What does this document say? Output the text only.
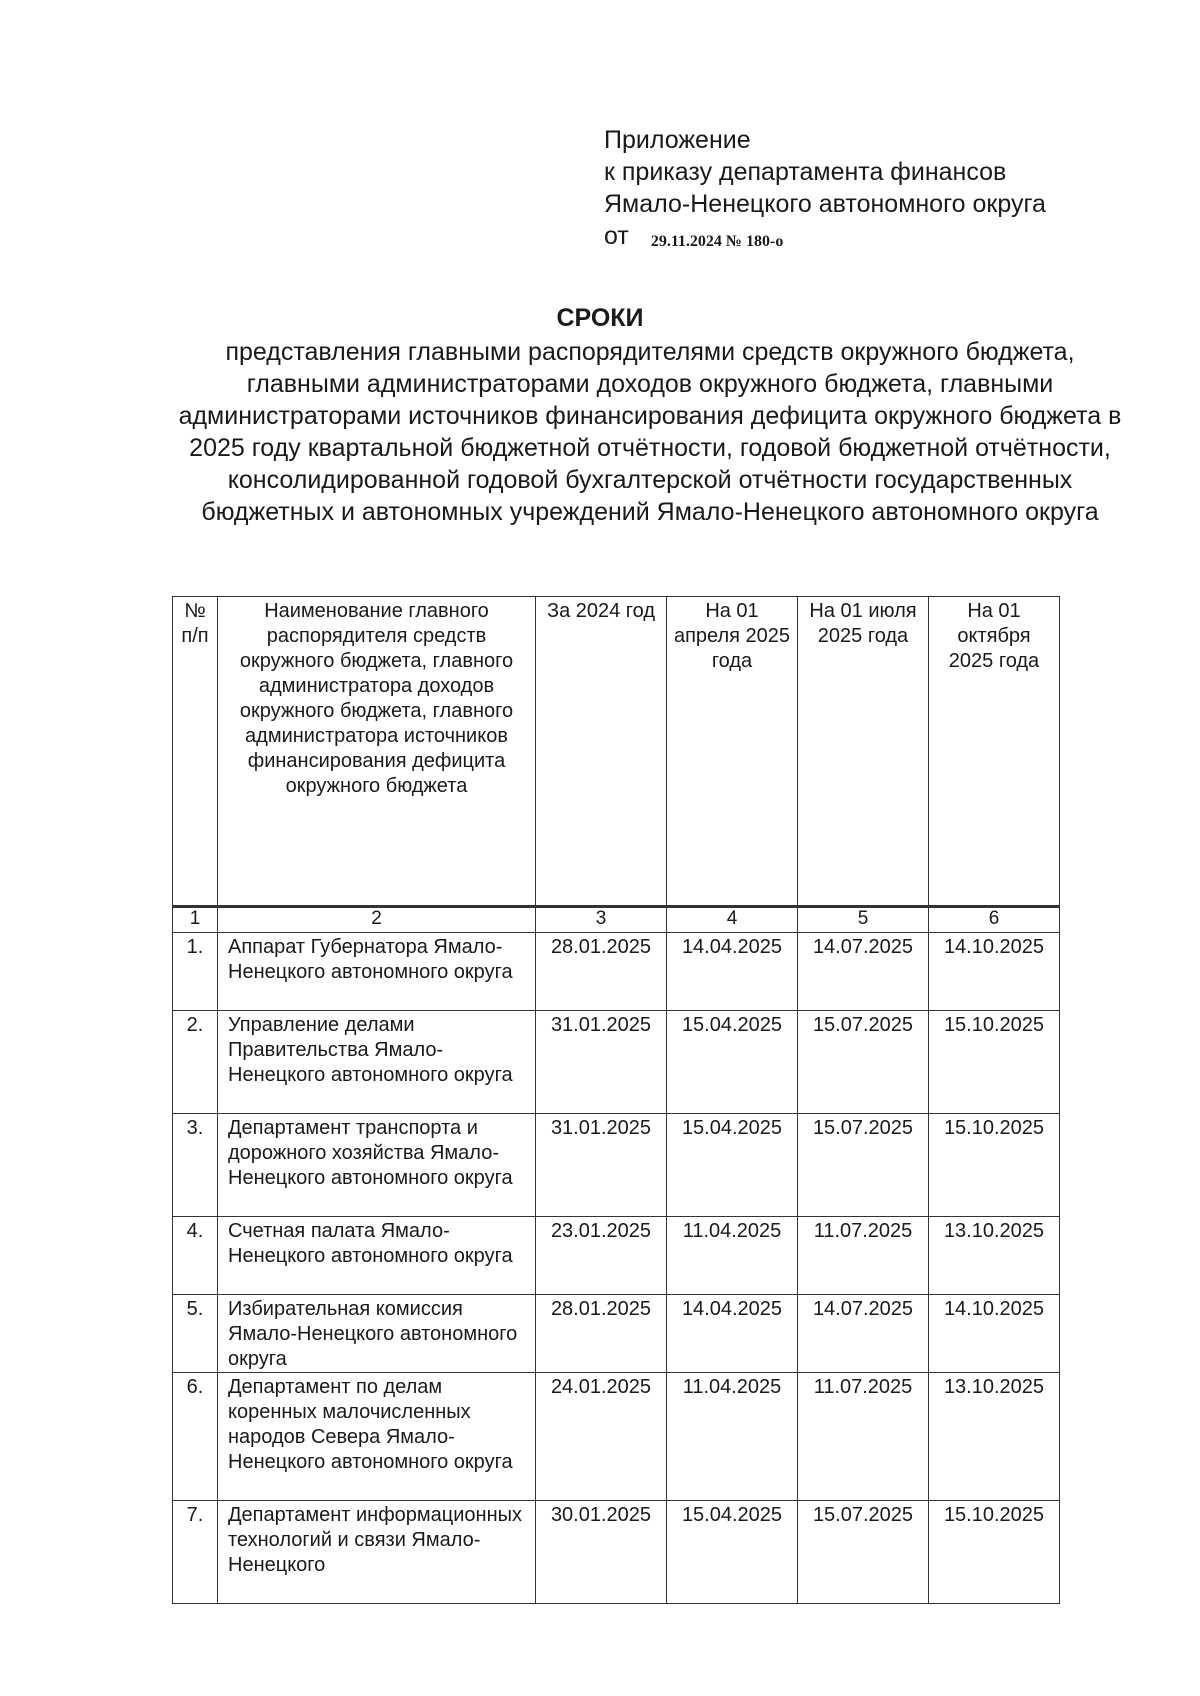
Приложение
к приказу департамента финансов
Ямало-Ненецкого автономного округа
от 29.11.2024 № 180-о
СРОКИ
представления главными распорядителями средств окружного бюджета, главными администраторами доходов окружного бюджета, главными администраторами источников финансирования дефицита окружного бюджета в 2025 году квартальной бюджетной отчётности, годовой бюджетной отчётности, консолидированной годовой бухгалтерской отчётности государственных бюджетных и автономных учреждений Ямало-Ненецкого автономного округа
№ п/п	Наименование главного распорядителя средств окружного бюджета, главного администратора доходов окружного бюджета, главного администратора источников финансирования дефицита окружного бюджета	За 2024 год	На 01 апреля 2025 года	На 01 июля 2025 года	На 01 октября 2025 года
1	2	3	4	5	6
1.	Аппарат Губернатора Ямало-Ненецкого автономного округа	28.01.2025	14.04.2025	14.07.2025	14.10.2025
2.	Управление делами Правительства Ямало-Ненецкого автономного округа	31.01.2025	15.04.2025	15.07.2025	15.10.2025
3.	Департамент транспорта и дорожного хозяйства Ямало-Ненецкого автономного округа	31.01.2025	15.04.2025	15.07.2025	15.10.2025
4.	Счетная палата Ямало-Ненецкого автономного округа	23.01.2025	11.04.2025	11.07.2025	13.10.2025
5.	Избирательная комиссия Ямало-Ненецкого автономного округа	28.01.2025	14.04.2025	14.07.2025	14.10.2025
6.	Департамент по делам коренных малочисленных народов Севера Ямало-Ненецкого автономного округа	24.01.2025	11.04.2025	11.07.2025	13.10.2025
7.	Департамент информационных технологий и связи Ямало-Ненецкого	30.01.2025	15.04.2025	15.07.2025	15.10.2025
